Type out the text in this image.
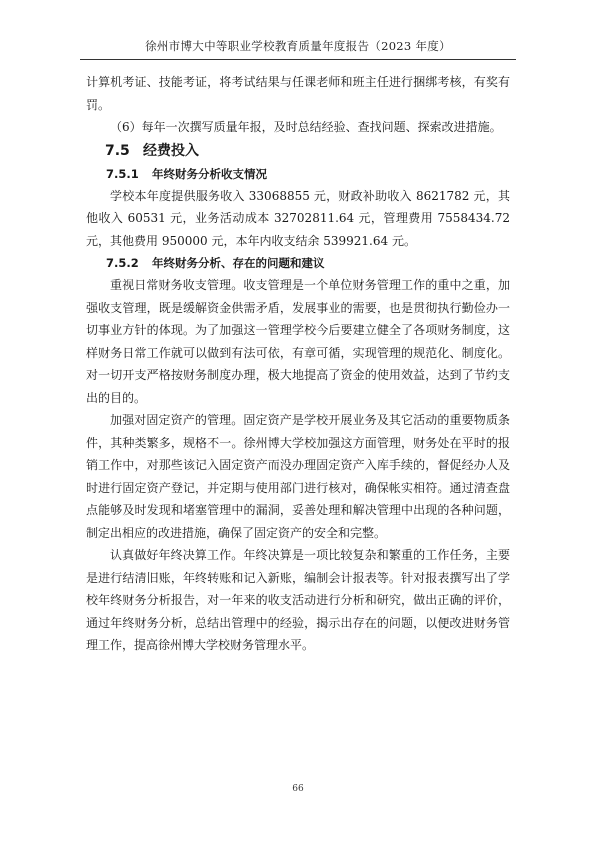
徐州市博大中等职业学校教育质量年度报告（2023 年度）

计算机考证、技能考证，将考试结果与任课老师和班主任进行捆绑考核，有奖有罚。

（6）每年一次撰写质量年报，及时总结经验、查找问题、探索改进措施。

7.5 经费投入
7.5.1 年终财务分析收支情况

学校本年度提供服务收入 33068855 元，财政补助收入 8621782 元，其他收入 60531 元，业务活动成本 32702811.64 元，管理费用 7558434.72 元，其他费用 950000 元，本年内收支结余 539921.64 元。

7.5.2 年终财务分析、存在的问题和建议

重视日常财务收支管理。收支管理是一个单位财务管理工作的重中之重，加强收支管理，既是缓解资金供需矛盾，发展事业的需要，也是贯彻执行勤俭办一切事业方针的体现。为了加强这一管理学校今后要建立健全了各项财务制度，这样财务日常工作就可以做到有法可依，有章可循，实现管理的规范化、制度化。对一切开支严格按财务制度办理，极大地提高了资金的使用效益，达到了节约支出的目的。

加强对固定资产的管理。固定资产是学校开展业务及其它活动的重要物质条件，其种类繁多，规格不一。徐州博大学校加强这方面管理，财务处在平时的报销工作中，对那些该记入固定资产而没办理固定资产入库手续的，督促经办人及时进行固定资产登记，并定期与使用部门进行核对，确保帐实相符。通过清查盘点能够及时发现和堵塞管理中的漏洞，妥善处理和解决管理中出现的各种问题，制定出相应的改进措施，确保了固定资产的安全和完整。

认真做好年终决算工作。年终决算是一项比较复杂和繁重的工作任务，主要是进行结清旧账，年终转账和记入新账，编制会计报表等。针对报表撰写出了学校年终财务分析报告，对一年来的收支活动进行分析和研究，做出正确的评价，通过年终财务分析，总结出管理中的经验，揭示出存在的问题，以便改进财务管理工作，提高徐州博大学校财务管理水平。

66
